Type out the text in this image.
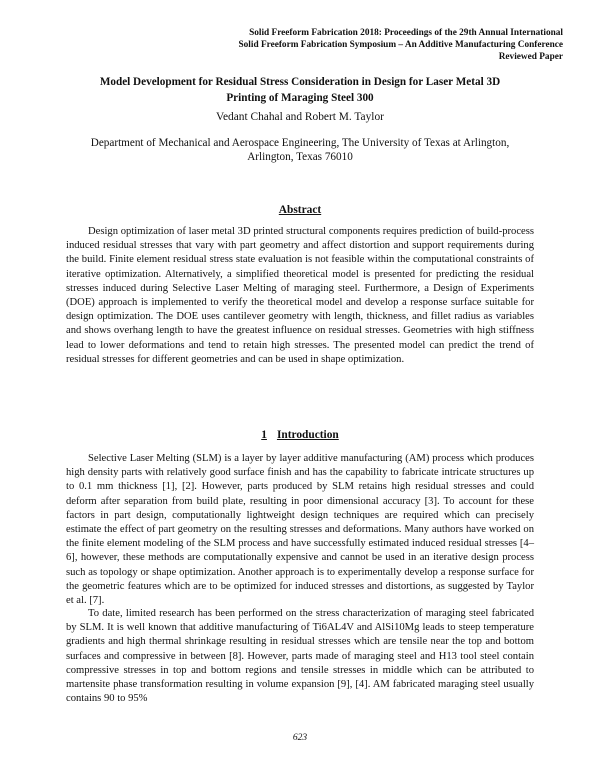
Solid Freeform Fabrication 2018: Proceedings of the 29th Annual International
Solid Freeform Fabrication Symposium – An Additive Manufacturing Conference
Reviewed Paper
Model Development for Residual Stress Consideration in Design for Laser Metal 3D
Printing of Maraging Steel 300
Vedant Chahal and Robert M. Taylor
Department of Mechanical and Aerospace Engineering, The University of Texas at Arlington,
Arlington, Texas 76010
Abstract

Design optimization of laser metal 3D printed structural components requires prediction of build-process induced residual stresses that vary with part geometry and affect distortion and support requirements during the build. Finite element residual stress state evaluation is not feasible within the computational constraints of iterative optimization. Alternatively, a simplified theoretical model is presented for predicting the residual stresses induced during Selective Laser Melting of maraging steel. Furthermore, a Design of Experiments (DOE) approach is implemented to verify the theoretical model and develop a response surface suitable for design optimization. The DOE uses cantilever geometry with length, thickness, and fillet radius as variables and shows overhang length to have the greatest influence on residual stresses. Geometries with high stiffness lead to lower deformations and tend to retain high stresses. The presented model can predict the trend of residual stresses for different geometries and can be used in shape optimization.

1 Introduction

Selective Laser Melting (SLM) is a layer by layer additive manufacturing (AM) process which produces high density parts with relatively good surface finish and has the capability to fabricate intricate structures up to 0.1 mm thickness [1], [2]. However, parts produced by SLM retains high residual stresses and could deform after separation from build plate, resulting in poor dimensional accuracy [3]. To account for these factors in part design, computationally lightweight design techniques are required which can precisely estimate the effect of part geometry on the resulting stresses and deformations. Many authors have worked on the finite element modeling of the SLM process and have successfully estimated induced residual stresses [4–6], however, these methods are computationally expensive and cannot be used in an iterative design process such as topology or shape optimization. Another approach is to experimentally develop a response surface for the geometric features which are to be optimized for induced stresses and distortions, as suggested by Taylor et al. [7].

To date, limited research has been performed on the stress characterization of maraging steel fabricated by SLM. It is well known that additive manufacturing of Ti6AL4V and AlSi10Mg leads to steep temperature gradients and high thermal shrinkage resulting in residual stresses which are tensile near the top and bottom surfaces and compressive in between [8]. However, parts made of maraging steel and H13 tool steel contain compressive stresses in top and bottom regions and tensile stresses in middle which can be attributed to martensite phase transformation resulting in volume expansion [9], [4]. AM fabricated maraging steel usually contains 90 to 95%

623
